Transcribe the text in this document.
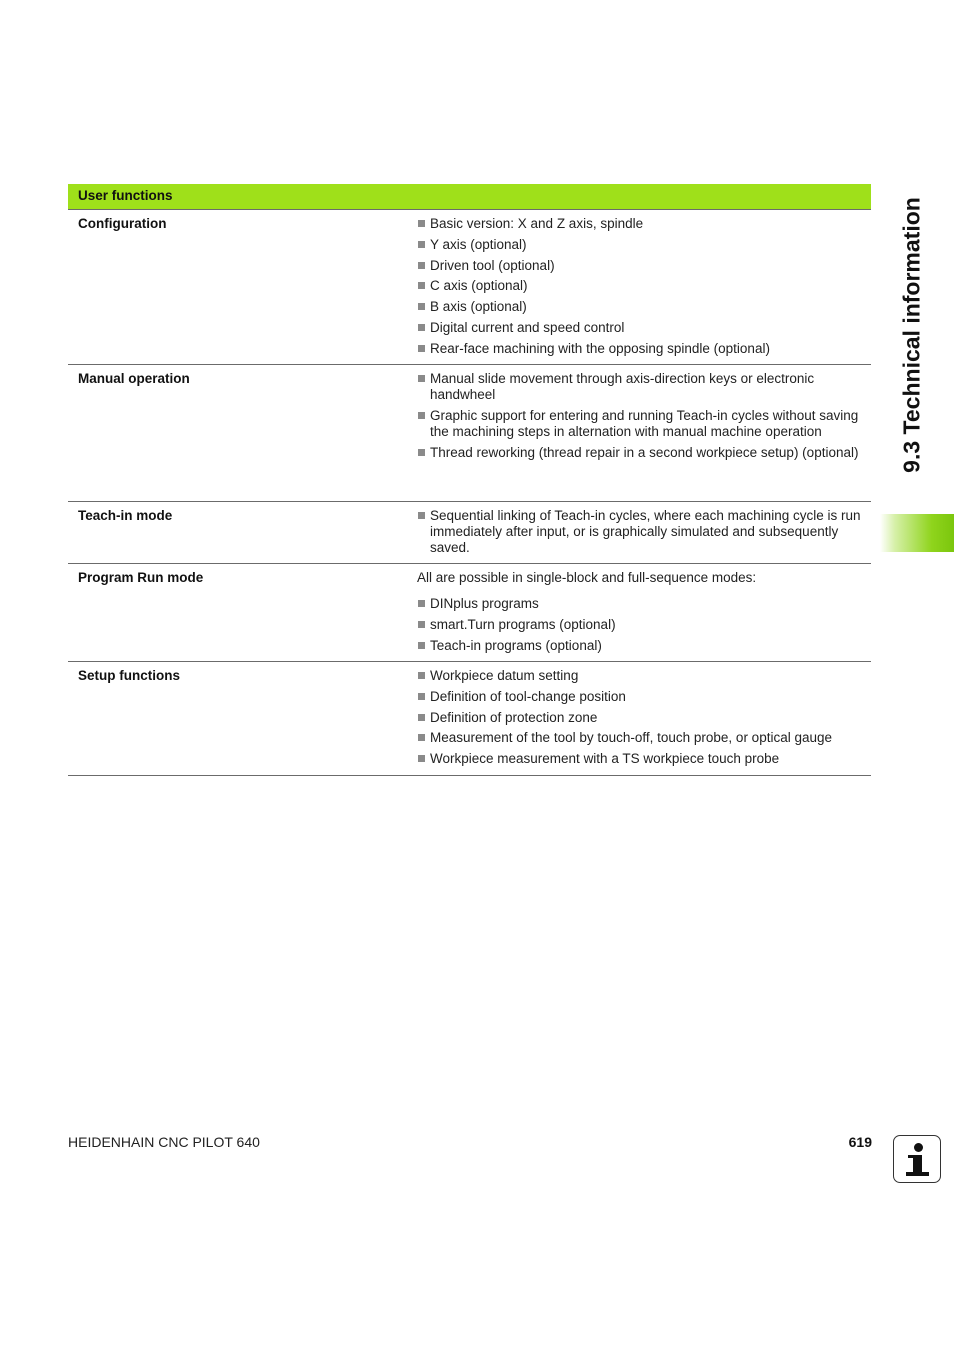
9.3 Technical information
User functions
Configuration	Basic version: X and Z axis, spindle
Y axis (optional)
Driven tool (optional)
C axis (optional)
B axis (optional)
Digital current and speed control
Rear-face machining with the opposing spindle (optional)
Manual operation	Manual slide movement through axis-direction keys or electronic handwheel
Graphic support for entering and running Teach-in cycles without saving the machining steps in alternation with manual machine operation
Thread reworking (thread repair in a second workpiece setup) (optional)
Teach-in mode	Sequential linking of Teach-in cycles, where each machining cycle is run immediately after input, or is graphically simulated and subsequently saved.
Program Run mode	All are possible in single-block and full-sequence modes:
DINplus programs
smart.Turn programs (optional)
Teach-in programs (optional)
Setup functions	Workpiece datum setting
Definition of tool-change position
Definition of protection zone
Measurement of the tool by touch-off, touch probe, or optical gauge
Workpiece measurement with a TS workpiece touch probe
HEIDENHAIN CNC PILOT 640	619
